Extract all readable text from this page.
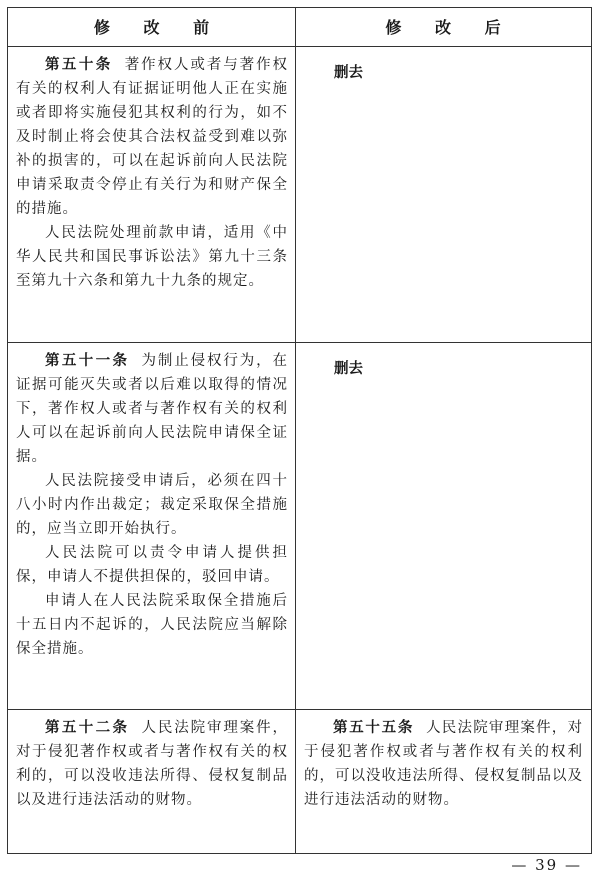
修 改 前	修 改 后

第五十条 著作权人或者与著作权有关的权利人有证据证明他人正在实施或者即将实施侵犯其权利的行为，如不及时制止将会使其合法权益受到难以弥补的损害的，可以在起诉前向人民法院申请采取责令停止有关行为和财产保全的措施。

人民法院处理前款申请，适用《中华人民共和国民事诉讼法》第九十三条至第九十六条和第九十九条的规定。

删去

第五十一条 为制止侵权行为，在证据可能灭失或者以后难以取得的情况下，著作权人或者与著作权有关的权利人可以在起诉前向人民法院申请保全证据。

人民法院接受申请后，必须在四十八小时内作出裁定；裁定采取保全措施的，应当立即开始执行。

人民法院可以责令申请人提供担保，申请人不提供担保的，驳回申请。

申请人在人民法院采取保全措施后十五日内不起诉的，人民法院应当解除保全措施。

删去

第五十二条 人民法院审理案件，对于侵犯著作权或者与著作权有关的权利的，可以没收违法所得、侵权复制品以及进行违法活动的财物。

第五十五条 人民法院审理案件，对于侵犯著作权或者与著作权有关的权利的，可以没收违法所得、侵权复制品以及进行违法活动的财物。

— 39 —
